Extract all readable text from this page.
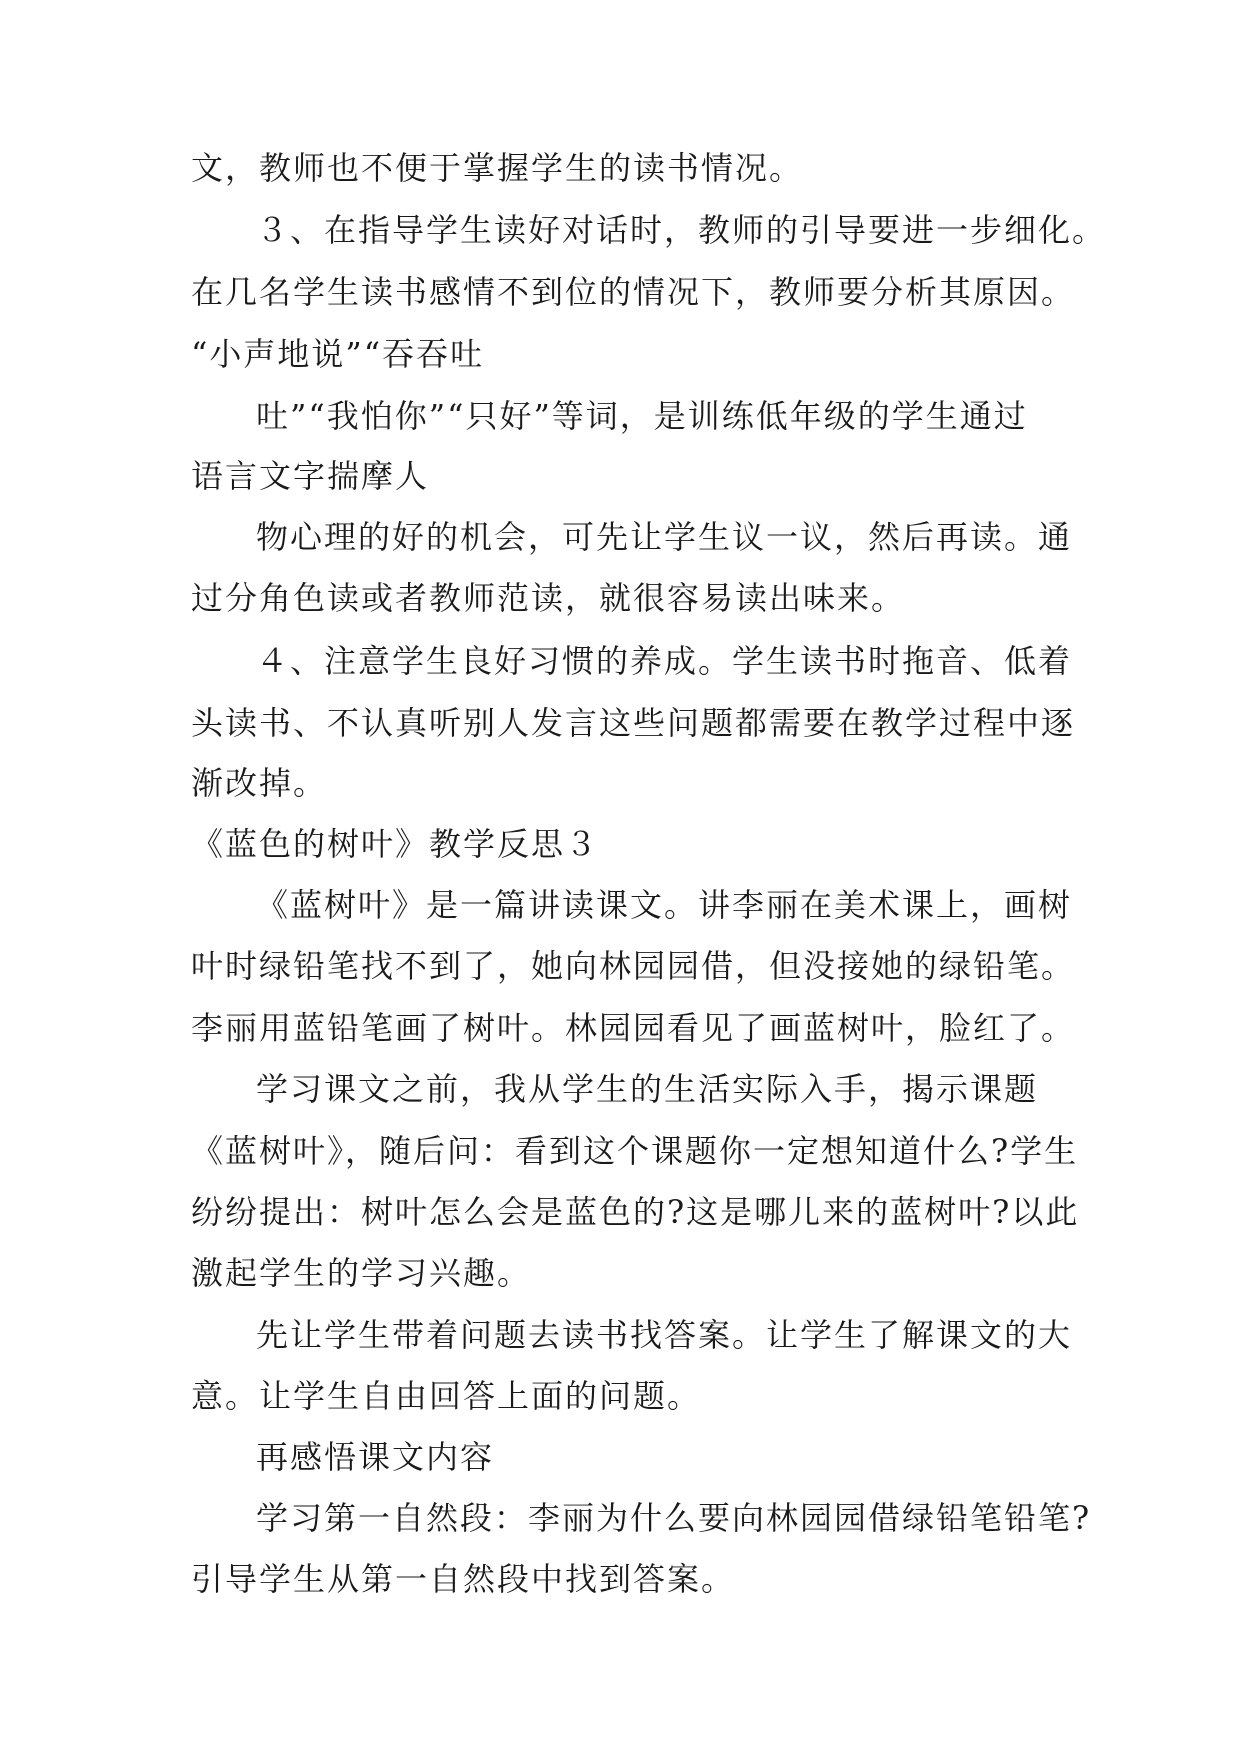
文，教师也不便于掌握学生的读书情况。
３、在指导学生读好对话时，教师的引导要进一步细化。
在几名学生读书感情不到位的情况下，教师要分析其原因。
“小声地说”“吞吞吐
吐”“我怕你”“只好”等词，是训练低年级的学生通过
语言文字揣摩人
物心理的好的机会，可先让学生议一议，然后再读。通
过分角色读或者教师范读，就很容易读出味来。
４、注意学生良好习惯的养成。学生读书时拖音、低着
头读书、不认真听别人发言这些问题都需要在教学过程中逐
渐改掉。
《蓝色的树叶》教学反思３
《蓝树叶》是一篇讲读课文。讲李丽在美术课上，画树
叶时绿铅笔找不到了，她向林园园借，但没接她的绿铅笔。
李丽用蓝铅笔画了树叶。林园园看见了画蓝树叶，脸红了。
学习课文之前，我从学生的生活实际入手，揭示课题
《蓝树叶》，随后问：看到这个课题你一定想知道什么?学生
纷纷提出：树叶怎么会是蓝色的?这是哪儿来的蓝树叶?以此
激起学生的学习兴趣。
先让学生带着问题去读书找答案。让学生了解课文的大
意。让学生自由回答上面的问题。
再感悟课文内容
学习第一自然段：李丽为什么要向林园园借绿铅笔铅笔?
引导学生从第一自然段中找到答案。
